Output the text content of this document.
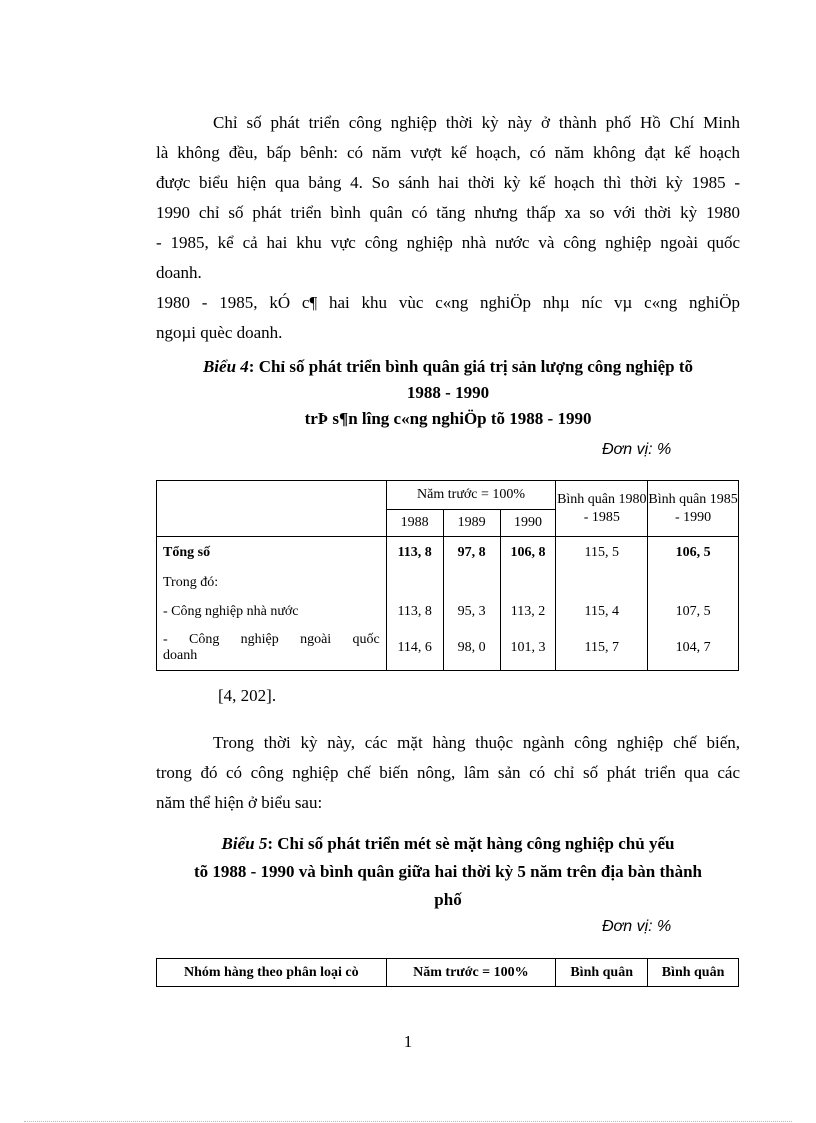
Chỉ số phát triển công nghiệp thời kỳ này ở thành phố Hồ Chí Minh
là không đều, bấp bênh: có năm vượt kế hoạch, có năm không đạt kế hoạch
được biểu hiện qua bảng 4. So sánh hai thời kỳ kế hoạch thì thời kỳ 1985 -
1990 chỉ số phát triển bình quân có tăng nhưng thấp xa so với thời kỳ 1980
- 1985, kể cả hai khu vực công nghiệp nhà nước và công nghiệp ngoài quốc
doanh.
1980 - 1985, kÓ c¶ hai khu vùc c«ng nghiÖp nhµ níc vµ c«ng nghiÖp
ngoµi quèc doanh.
Biểu 4: Chỉ số phát triển bình quân giá trị sản lượng công nghiệp tõ
1988 - 1990
trÞ s¶n lîng c«ng nghiÖp tõ 1988 - 1990
Đơn vị: %
	Năm trước = 100%			Bình quân 1980 - 1985	Bình quân 1985 - 1990
	1988	1989	1990		
Tổng số	113, 8	97, 8	106, 8	115, 5	106, 5
Trong đó:					
- Công nghiệp nhà nước	113, 8	95, 3	113, 2	115, 4	107, 5

- Công nghiệp ngoài quốc
doanh	114, 6	98, 0	101, 3	115, 7	104, 7
[4, 202].
Trong thời kỳ này, các mặt hàng thuộc ngành công nghiệp chế biến,
trong đó có công nghiệp chế biến nông, lâm sản có chỉ số phát triển qua các
năm thể hiện ở biểu sau:
Biểu 5: Chỉ số phát triển mét sè mặt hàng công nghiệp chủ yếu
tõ 1988 - 1990 và bình quân giữa hai thời kỳ 5 năm trên địa bàn thành
phố
Đơn vị: %
Nhóm hàng theo phân loại cò	Năm trước = 100%	Bình quân	Bình quân
1
